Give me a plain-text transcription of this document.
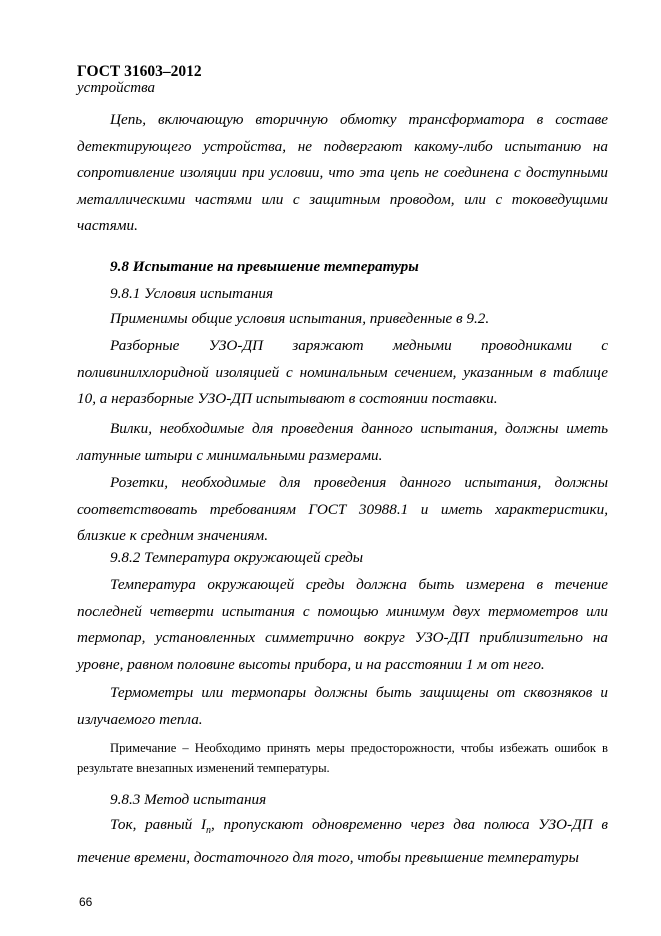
ГОСТ 31603–2012
устройства

Цепь, включающую вторичную обмотку трансформатора в составе детектирующего устройства, не подвергают какому-либо испытанию на сопротивление изоляции при условии, что эта цепь не соединена с доступными металлическими частями или с защитным проводом, или с токоведущими частями.

9.8 Испытание на превышение температуры
9.8.1 Условия испытания

Применимы общие условия испытания, приведенные в 9.2.

Разборные УЗО-ДП заряжают медными проводниками с поливинилхлоридной изоляцией с номинальным сечением, указанным в таблице 10, а неразборные УЗО-ДП испытывают в состоянии поставки.

Вилки, необходимые для проведения данного испытания, должны иметь латунные штыри с минимальными размерами.

Розетки, необходимые для проведения данного испытания, должны соответствовать требованиям ГОСТ 30988.1 и иметь характеристики, близкие к средним значениям.

9.8.2 Температура окружающей среды

Температура окружающей среды должна быть измерена в течение последней четверти испытания с помощью минимум двух термометров или термопар, установленных симметрично вокруг УЗО-ДП приблизительно на уровне, равном половине высоты прибора, и на расстоянии 1 м от него.

Термометры или термопары должны быть защищены от сквозняков и излучаемого тепла.

Примечание – Необходимо принять меры предосторожности, чтобы избежать ошибок в результате внезапных изменений температуры.

9.8.3 Метод испытания

Ток, равный $I_n$, пропускают одновременно через два полюса УЗО-ДП в течение времени, достаточного для того, чтобы превышение температуры

66
